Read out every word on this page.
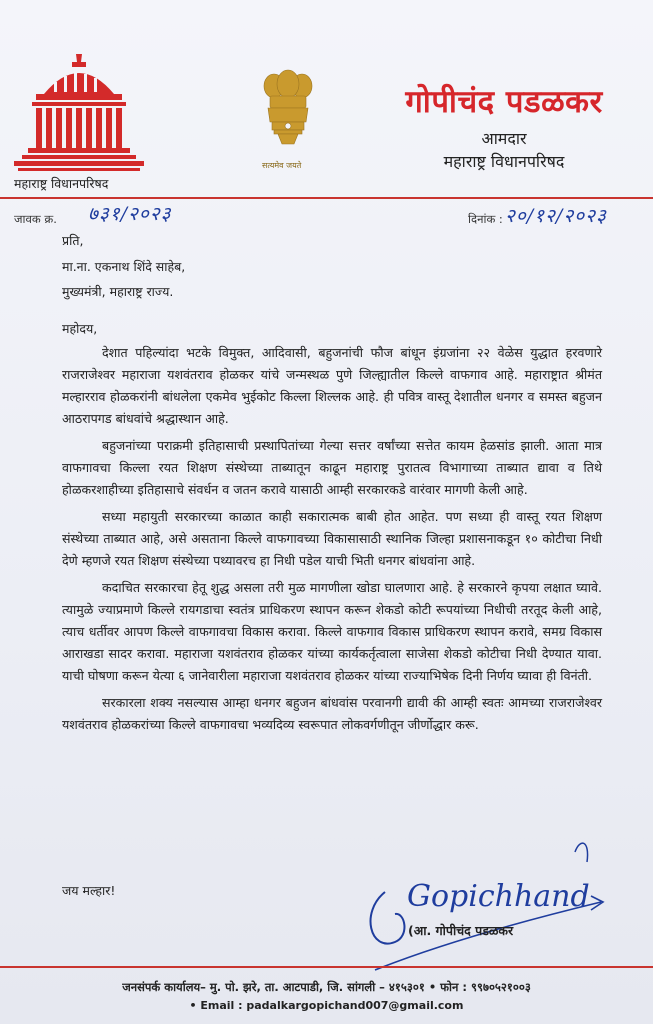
महाराष्ट्र विधानपरिषद
सत्यमेव जयते
गोपीचंद पडळकर
आमदार
महाराष्ट्र विधानपरिषद
जावक क्र. ७३१/२०२३	दिनांक : २०/१२/२०२३
प्रति,
मा.ना. एकनाथ शिंदे साहेब,
मुख्यमंत्री, महाराष्ट्र राज्य.
महोदय,

देशात पहिल्यांदा भटके विमुक्त, आदिवासी, बहुजनांची फौज बांधून इंग्रजांना २२ वेळेस युद्धात हरवणारे राजराजेश्वर महाराजा यशवंतराव होळकर यांचे जन्मस्थळ पुणे जिल्ह्यातील किल्ले वाफगाव आहे. महाराष्ट्रात श्रीमंत मल्हारराव होळकरांनी बांधलेला एकमेव भुईकोट किल्ला शिल्लक आहे. ही पवित्र वास्तू देशातील धनगर व समस्त बहुजन आठरापगड बांधवांचे श्रद्धास्थान आहे.

बहुजनांच्या पराक्रमी इतिहासाची प्रस्थापितांच्या गेल्या सत्तर वर्षांच्या सत्तेत कायम हेळसांड झाली. आता मात्र वाफगावचा किल्ला रयत शिक्षण संस्थेच्या ताब्यातून काढून महाराष्ट्र पुरातत्व विभागाच्या ताब्यात द्यावा व तिथे होळकरशाहीच्या इतिहासाचे संवर्धन व जतन करावे यासाठी आम्ही सरकारकडे वारंवार मागणी केली आहे.

सध्या महायुती सरकारच्या काळात काही सकारात्मक बाबी होत आहेत. पण सध्या ही वास्तू रयत शिक्षण संस्थेच्या ताब्यात आहे, असे असताना किल्ले वाफगावच्या विकासासाठी स्थानिक जिल्हा प्रशासनाकडून १० कोटीचा निधी देणे म्हणजे रयत शिक्षण संस्थेच्या पथ्यावरच हा निधी पडेल याची भिती धनगर बांधवांना आहे.

कदाचित सरकारचा हेतू शुद्ध असला तरी मुळ मागणीला खोडा घालणारा आहे. हे सरकारने कृपया लक्षात घ्यावे. त्यामुळे ज्याप्रमाणे किल्ले रायगडाचा स्वतंत्र प्राधिकरण स्थापन करून शेकडो कोटी रूपयांच्या निधीची तरतूद केली आहे, त्याच धर्तीवर आपण किल्ले वाफगावचा विकास करावा. किल्ले वाफगाव विकास प्राधिकरण स्थापन करावे, समग्र विकास आराखडा सादर करावा. महाराजा यशवंतराव होळकर यांच्या कार्यकर्तृत्वाला साजेसा शेकडो कोटीचा निधी देण्यात यावा. याची घोषणा करून येत्या ६ जानेवारीला महाराजा यशवंतराव होळकर यांच्या राज्याभिषेक दिनी निर्णय घ्यावा ही विनंती.

सरकारला शक्य नसल्यास आम्हा धनगर बहुजन बांधवांस परवानगी द्यावी की आम्ही स्वतः आमच्या राजराजेश्वर यशवंतराव होळकरांच्या किल्ले वाफगावचा भव्यदिव्य स्वरूपात लोकवर्गणीतून जीर्णोद्धार करू.

जय मल्हार!	Gopichhand
(आ. गोपीचंद पडळकर
जनसंपर्क कार्यालय– मु. पो. झरे, ता. आटपाडी, जि. सांगली – ४१५३०१ • फोन : ९९७०५२१००३
• Email : padalkargopichand007@gmail.com
